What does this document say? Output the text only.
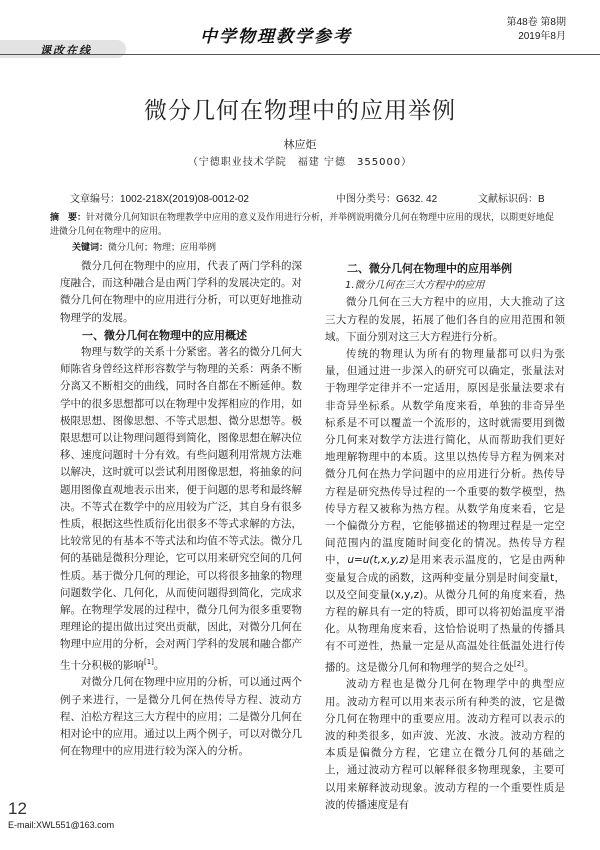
课改在线
中学物理教学参考
第48卷 第8期
2019年8月
微分几何在物理中的应用举例
林应炬
（宁德职业技术学院　福建 宁德　355000）
文章编号：1002-218X(2019)08-0012-02	中图分类号：G632. 42	文献标识码：B
摘　要：针对微分几何知识在物理教学中应用的意义及作用进行分析，并举例说明微分几何在物理中应用的现状，以期更好地促进微分几何在物理中的应用。
关键词：微分几何；物理；应用举例

微分几何在物理中的应用，代表了两门学科的深度融合，而这种融合是由两门学科的发展决定的。对微分几何在物理中的应用进行分析，可以更好地推动物理学的发展。

一、微分几何在物理中的应用概述

物理与数学的关系十分紧密。著名的微分几何大师陈省身曾经这样形容数学与物理的关系：两条不断分离又不断相交的曲线，同时各自都在不断延伸。数学中的很多思想都可以在物理中发挥相应的作用，如极限思想、图像思想、不等式思想、微分思想等。极限思想可以让物理问题得到简化，图像思想在解决位移、速度问题时十分有效。有些问题利用常规方法难以解决，这时就可以尝试利用图像思想，将抽象的问题用图像直观地表示出来，便于问题的思考和最终解决。不等式在数学中的应用较为广泛，其自身有很多性质，根据这些性质衍化出很多不等式求解的方法，比较常见的有基本不等式法和均值不等式法。微分几何的基础是微积分理论，它可以用来研究空间的几何性质。基于微分几何的理论，可以将很多抽象的物理问题数学化、几何化，从而使问题得到简化，完成求解。在物理学发展的过程中，微分几何为很多重要物理理论的提出做出过突出贡献，因此，对微分几何在物理中应用的分析，会对两门学科的发展和融合都产生十分积极的影响[1]。

对微分几何在物理中应用的分析，可以通过两个例子来进行，一是微分几何在热传导方程、波动方程、泊松方程这三大方程中的应用；二是微分几何在相对论中的应用。通过以上两个例子，可以对微分几何在物理中的应用进行较为深入的分析。

二、微分几何在物理中的应用举例
1.微分几何在三大方程中的应用

微分几何在三大方程中的应用，大大推动了这三大方程的发展，拓展了他们各自的应用范围和领域。下面分别对这三大方程进行分析。

传统的物理认为所有的物理量都可以归为张量，但通过进一步深入的研究可以确定，张量法对于物理学定律并不一定适用，原因是张量法要求有非奇异坐标系。从数学角度来看，单独的非奇异坐标系是不可以覆盖一个流形的，这时就需要用到微分几何来对数学方法进行简化，从而帮助我们更好地理解物理中的本质。这里以热传导方程为例来对微分几何在热力学问题中的应用进行分析。热传导方程是研究热传导过程的一个重要的数学模型，热传导方程又被称为热方程。从数学角度来看，它是一个偏微分方程，它能够描述的物理过程是一定空间范围内的温度随时间变化的情况。热传导方程中，u=u(t,x,y,z)是用来表示温度的，它是由两种变量复合成的函数，这两种变量分别是时间变量t，以及空间变量(x,y,z)。从微分几何的角度来看，热方程的解具有一定的特质，即可以将初始温度平滑化。从物理角度来看，这恰恰说明了热量的传播具有不可逆性，热量一定是从高温处往低温处进行传播的。这是微分几何和物理学的契合之处[2]。

波动方程也是微分几何在物理学中的典型应用。波动方程可以用来表示所有种类的波，它是微分几何在物理中的重要应用。波动方程可以表示的波的种类很多，如声波、光波、水波。波动方程的本质是偏微分方程，它建立在微分几何的基础之上，通过波动方程可以解释很多物理现象，主要可以用来解释波动现象。波动方程的一个重要性质是波的传播速度是有

12
E-mail:XWL551@163.com
